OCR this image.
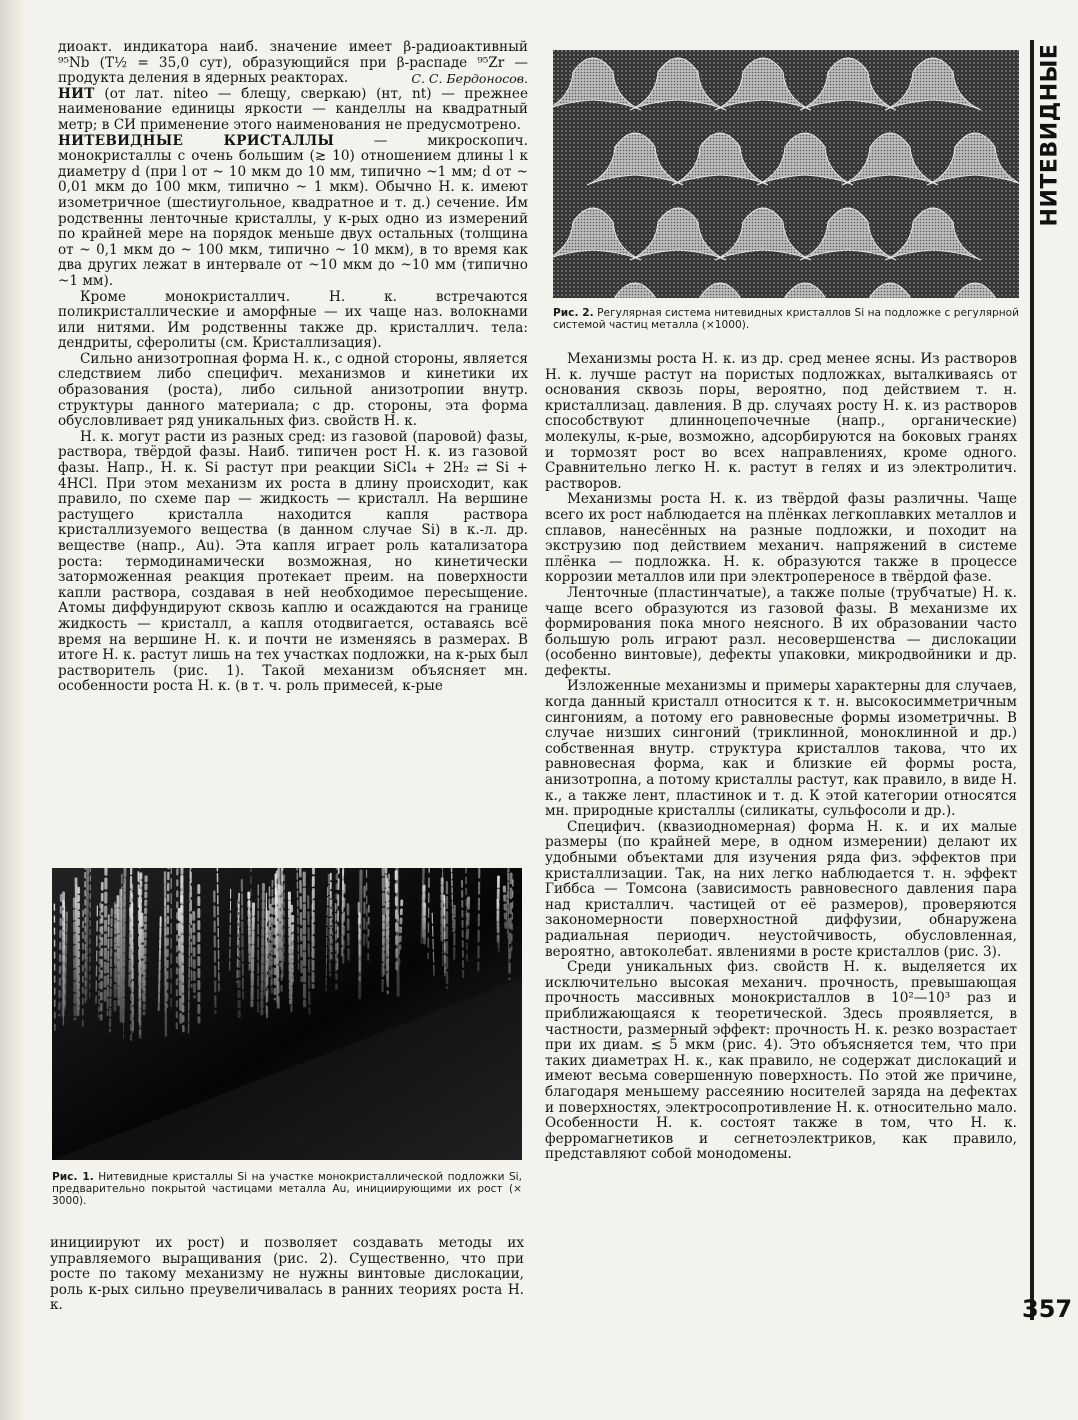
НИТЕВИДНЫЕ

диоакт. индикатора наиб. значение имеет β-радиоактивный ⁹⁵Nb (T½ = 35,0 сут), образующийся при β-распаде ⁹⁵Zr — продукта деления в ядерных реакторах.	С. С. Бердоносов.

НИТ (от лат. niteo — блещу, сверкаю) (нт, nt) — прежнее наименование единицы яркости — канделлы на квадратный метр; в СИ применение этого наименования не предусмотрено.

НИТЕВИДНЫЕ КРИСТАЛЛЫ — микроскопич. монокристаллы с очень большим (≳ 10) отношением длины l к диаметру d (при l от ~ 10 мкм до 10 мм, типично ~1 мм; d от ~ 0,01 мкм до 100 мкм, типично ~ 1 мкм). Обычно Н. к. имеют изометричное (шестиугольное, квадратное и т. д.) сечение. Им родственны ленточные кристаллы, у к-рых одно из измерений по крайней мере на порядок меньше двух остальных (толщина от ~ 0,1 мкм до ~ 100 мкм, типично ~ 10 мкм), в то время как два других лежат в интервале от ~10 мкм до ~10 мм (типично ~1 мм).

Кроме монокристаллич. Н. к. встречаются поликристаллические и аморфные — их чаще наз. волокнами или нитями. Им родственны также др. кристаллич. тела: дендриты, сферолиты (см. Кристаллизация).

Сильно анизотропная форма Н. к., с одной стороны, является следствием либо специфич. механизмов и кинетики их образования (роста), либо сильной анизотропии внутр. структуры данного материала; с др. стороны, эта форма обусловливает ряд уникальных физ. свойств Н. к.

Н. к. могут расти из разных сред: из газовой (паровой) фазы, раствора, твёрдой фазы. Наиб. типичен рост Н. к. из газовой фазы. Напр., Н. к. Si растут при реакции SiCl₄ + 2H₂ ⇄ Si + 4HCl. При этом механизм их роста в длину происходит, как правило, по схеме пар — жидкость — кристалл. На вершине растущего кристалла находится капля раствора кристаллизуемого вещества (в данном случае Si) в к.-л. др. веществе (напр., Au). Эта капля играет роль катализатора роста: термодинамически возможная, но кинетически заторможенная реакция протекает преим. на поверхности капли раствора, создавая в ней необходимое пересыщение. Атомы диффундируют сквозь каплю и осаждаются на границе жидкость — кристалл, а капля отодвигается, оставаясь всё время на вершине Н. к. и почти не изменяясь в размерах. В итоге Н. к. растут лишь на тех участках подложки, на к-рых был растворитель (рис. 1). Такой механизм объясняет мн. особенности роста Н. к. (в т. ч. роль примесей, к-рые

Рис. 1. Нитевидные кристаллы Si на участке монокристаллической подложки Si, предварительно покрытой частицами металла Au, инициирующими их рост (× 3000).

инициируют их рост) и позволяет создавать методы их управляемого выращивания (рис. 2). Существенно, что при росте по такому механизму не нужны винтовые дислокации, роль к-рых сильно преувеличивалась в ранних теориях роста Н. к.

Рис. 2. Регулярная система нитевидных кристаллов Si на подложке с регулярной системой частиц металла (×1000).

Механизмы роста Н. к. из др. сред менее ясны. Из растворов Н. к. лучше растут на пористых подложках, выталкиваясь от основания сквозь поры, вероятно, под действием т. н. кристаллизац. давления. В др. случаях росту Н. к. из растворов способствуют длинноцепочечные (напр., органические) молекулы, к-рые, возможно, адсорбируются на боковых гранях и тормозят рост во всех направлениях, кроме одного. Сравнительно легко Н. к. растут в гелях и из электролитич. растворов.

Механизмы роста Н. к. из твёрдой фазы различны. Чаще всего их рост наблюдается на плёнках легкоплавких металлов и сплавов, нанесённых на разные подложки, и походит на экструзию под действием механич. напряжений в системе плёнка — подложка. Н. к. образуются также в процессе коррозии металлов или при электропереносе в твёрдой фазе.

Ленточные (пластинчатые), а также полые (трубчатые) Н. к. чаще всего образуются из газовой фазы. В механизме их формирования пока много неясного. В их образовании часто большую роль играют разл. несовершенства — дислокации (особенно винтовые), дефекты упаковки, микродвойники и др. дефекты.

Изложенные механизмы и примеры характерны для случаев, когда данный кристалл относится к т. н. высокосимметричным сингониям, а потому его равновесные формы изометричны. В случае низших сингоний (триклинной, моноклинной и др.) собственная внутр. структура кристаллов такова, что их равновесная форма, как и близкие ей формы роста, анизотропна, а потому кристаллы растут, как правило, в виде Н. к., а также лент, пластинок и т. д. К этой категории относятся мн. природные кристаллы (силикаты, сульфосоли и др.).

Специфич. (квазиодномерная) форма Н. к. и их малые размеры (по крайней мере, в одном измерении) делают их удобными объектами для изучения ряда физ. эффектов при кристаллизации. Так, на них легко наблюдается т. н. эффект Гиббса — Томсона (зависимость равновесного давления пара над кристаллич. частицей от её размеров), проверяются закономерности поверхностной диффузии, обнаружена радиальная периодич. неустойчивость, обусловленная, вероятно, автоколебат. явлениями в росте кристаллов (рис. 3).

Среди уникальных физ. свойств Н. к. выделяется их исключительно высокая механич. прочность, превышающая прочность массивных монокристаллов в 10²—10³ раз и приближающаяся к теоретической. Здесь проявляется, в частности, размерный эффект: прочность Н. к. резко возрастает при их диам. ≲ 5 мкм (рис. 4). Это объясняется тем, что при таких диаметрах Н. к., как правило, не содержат дислокаций и имеют весьма совершенную поверхность. По этой же причине, благодаря меньшему рассеянию носителей заряда на дефектах и поверхностях, электросопротивление Н. к. относительно мало. Особенности Н. к. состоят также в том, что Н. к. ферромагнетиков и сегнетоэлектриков, как правило, представляют собой монодомены.

357
